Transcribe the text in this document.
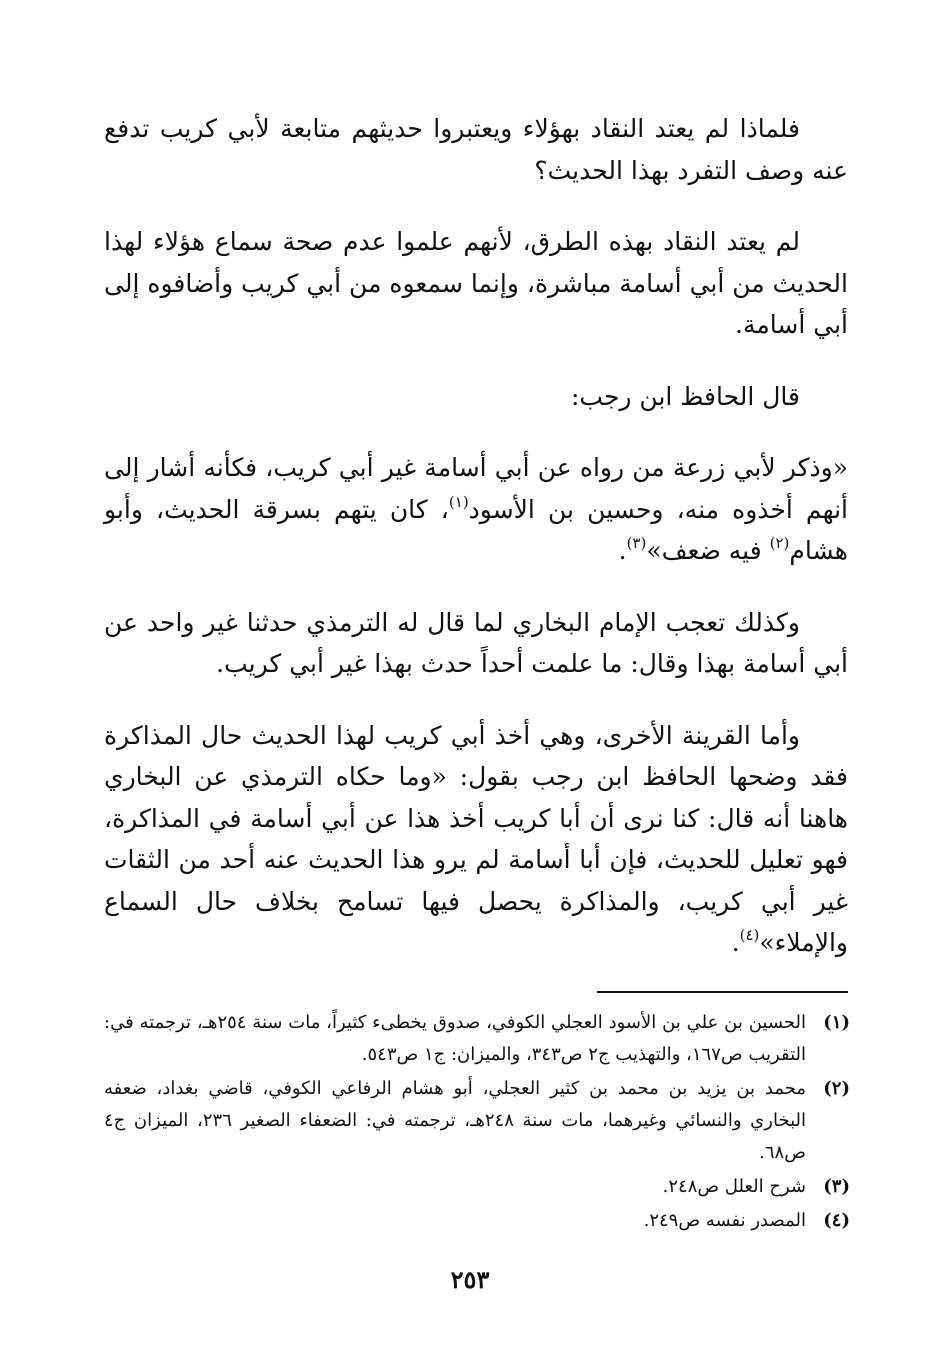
فلماذا لم يعتد النقاد بهؤلاء ويعتبروا حديثهم متابعة لأبي كريب تدفع عنه وصف التفرد بهذا الحديث؟

لم يعتد النقاد بهذه الطرق، لأنهم علموا عدم صحة سماع هؤلاء لهذا الحديث من أبي أسامة مباشرة، وإنما سمعوه من أبي كريب وأضافوه إلى أبي أسامة.

قال الحافظ ابن رجب:

«وذكر لأبي زرعة من رواه عن أبي أسامة غير أبي كريب، فكأنه أشار إلى أنهم أخذوه منه، وحسين بن الأسود$^{(١)}$، كان يتهم بسرقة الحديث، وأبو هشام$^{(٢)}$ فيه ضعف»$^{(٣)}$.

وكذلك تعجب الإمام البخاري لما قال له الترمذي حدثنا غير واحد عن أبي أسامة بهذا وقال: ما علمت أحداً حدث بهذا غير أبي كريب.

وأما القرينة الأخرى، وهي أخذ أبي كريب لهذا الحديث حال المذاكرة فقد وضحها الحافظ ابن رجب بقول: «وما حكاه الترمذي عن البخاري هاهنا أنه قال: كنا نرى أن أبا كريب أخذ هذا عن أبي أسامة في المذاكرة، فهو تعليل للحديث، فإن أبا أسامة لم يرو هذا الحديث عنه أحد من الثقات غير أبي كريب، والمذاكرة يحصل فيها تسامح بخلاف حال السماع والإملاء»$^{(٤)}$.

(١)
الحسين بن علي بن الأسود العجلي الكوفي، صدوق يخطىء كثيراً، مات سنة ٢٥٤هـ، ترجمته في: التقريب ص١٦٧، والتهذيب ج٢ ص٣٤٣، والميزان: ج١ ص٥٤٣.
(٢)
محمد بن يزيد بن محمد بن كثير العجلي، أبو هشام الرفاعي الكوفي، قاضي بغداد، ضعفه البخاري والنسائي وغيرهما، مات سنة ٢٤٨هـ، ترجمته في: الضعفاء الصغير ٢٣٦، الميزان ج٤ ص٦٨.
(٣)
شرح العلل ص٢٤٨.
(٤)
المصدر نفسه ص٢٤٩.
٢٥٣
